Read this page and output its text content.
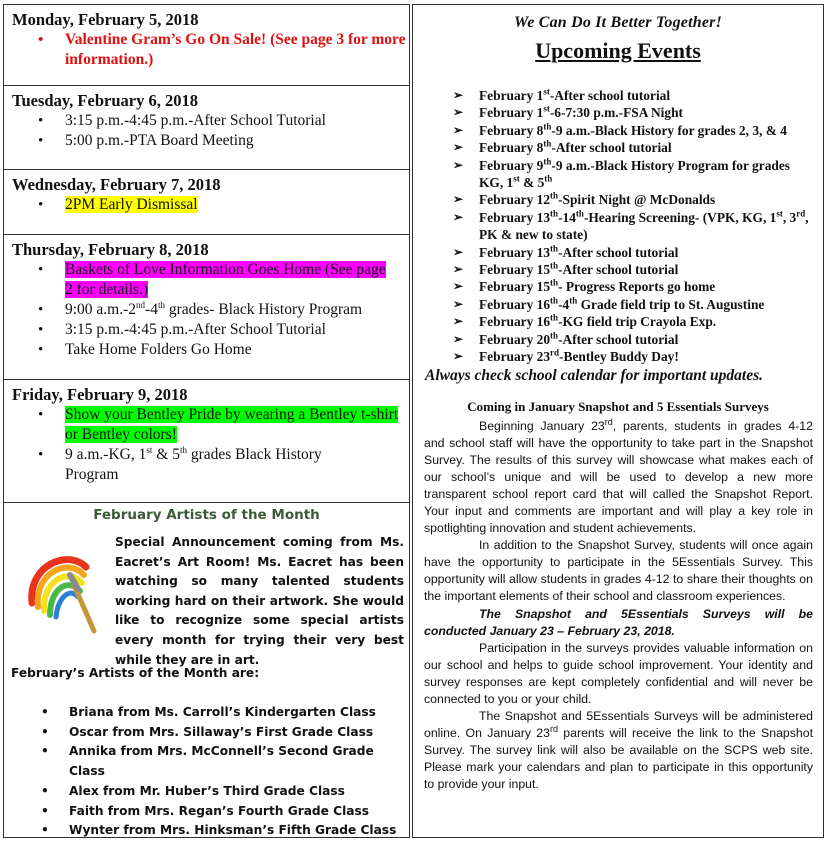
Monday, February 5, 2018
• Valentine Gram’s Go On Sale! (See page 3 for more information.)
Tuesday, February 6, 2018
• 3:15 p.m.-4:45 p.m.-After School Tutorial
• 5:00 p.m.-PTA Board Meeting
Wednesday, February 7, 2018
• 2PM Early Dismissal
Thursday, February 8, 2018
• Baskets of Love Information Goes Home (See page 2 for details.)
• 9:00 a.m.-2nd-4th grades- Black History Program
• 3:15 p.m.-4:45 p.m.-After School Tutorial
• Take Home Folders Go Home
Friday, February 9, 2018
• Show your Bentley Pride by wearing a Bentley t-shirt or Bentley colors!
• 9 a.m.-KG, 1st & 5th grades Black History Program
February Artists of the Month
Special Announcement coming from Ms. Eacret’s Art Room! Ms. Eacret has been watching so many talented students working hard on their artwork. She would like to recognize some special artists every month for trying their very best while they are in art.
February’s Artists of the Month are:
• Briana from Ms. Carroll’s Kindergarten Class
• Oscar from Mrs. Sillaway’s First Grade Class
• Annika from Mrs. McConnell’s Second Grade Class
• Alex from Mr. Huber’s Third Grade Class
• Faith from Mrs. Regan’s Fourth Grade Class
• Wynter from Mrs. Hinksman’s Fifth Grade Class
We Can Do It Better Together!
Upcoming Events
➢ February 1st-After school tutorial
➢ February 1st-6-7:30 p.m.-FSA Night
➢ February 8th-9 a.m.-Black History for grades 2, 3, & 4
➢ February 8th-After school tutorial
➢ February 9th-9 a.m.-Black History Program for grades KG, 1st & 5th
➢ February 12th-Spirit Night @ McDonalds
➢ February 13th-14th-Hearing Screening- (VPK, KG, 1st, 3rd, PK & new to state)
➢ February 13th-After school tutorial
➢ February 15th-After school tutorial
➢ February 15th- Progress Reports go home
➢ February 16th-4th Grade field trip to St. Augustine
➢ February 16th-KG field trip Crayola Exp.
➢ February 20th-After school tutorial
➢ February 23rd-Bentley Buddy Day!
Always check school calendar for important updates.
Coming in January Snapshot and 5 Essentials Surveys

Beginning January 23rd, parents, students in grades 4-12 and school staff will have the opportunity to take part in the Snapshot Survey. The results of this survey will showcase what makes each of our school’s unique and will be used to develop a new more transparent school report card that will called the Snapshot Report. Your input and comments are important and will play a key role in spotlighting innovation and student achievements.

In addition to the Snapshot Survey, students will once again have the opportunity to participate in the 5Essentials Survey. This opportunity will allow students in grades 4-12 to share their thoughts on the important elements of their school and classroom experiences.

The Snapshot and 5Essentials Surveys will be conducted January 23 – February 23, 2018.

Participation in the surveys provides valuable information on our school and helps to guide school improvement. Your identity and survey responses are kept completely confidential and will never be connected to you or your child.

The Snapshot and 5Essentials Surveys will be administered online. On January 23rd parents will receive the link to the Snapshot Survey. The survey link will also be available on the SCPS web site. Please mark your calendars and plan to participate in this opportunity to provide your input.
